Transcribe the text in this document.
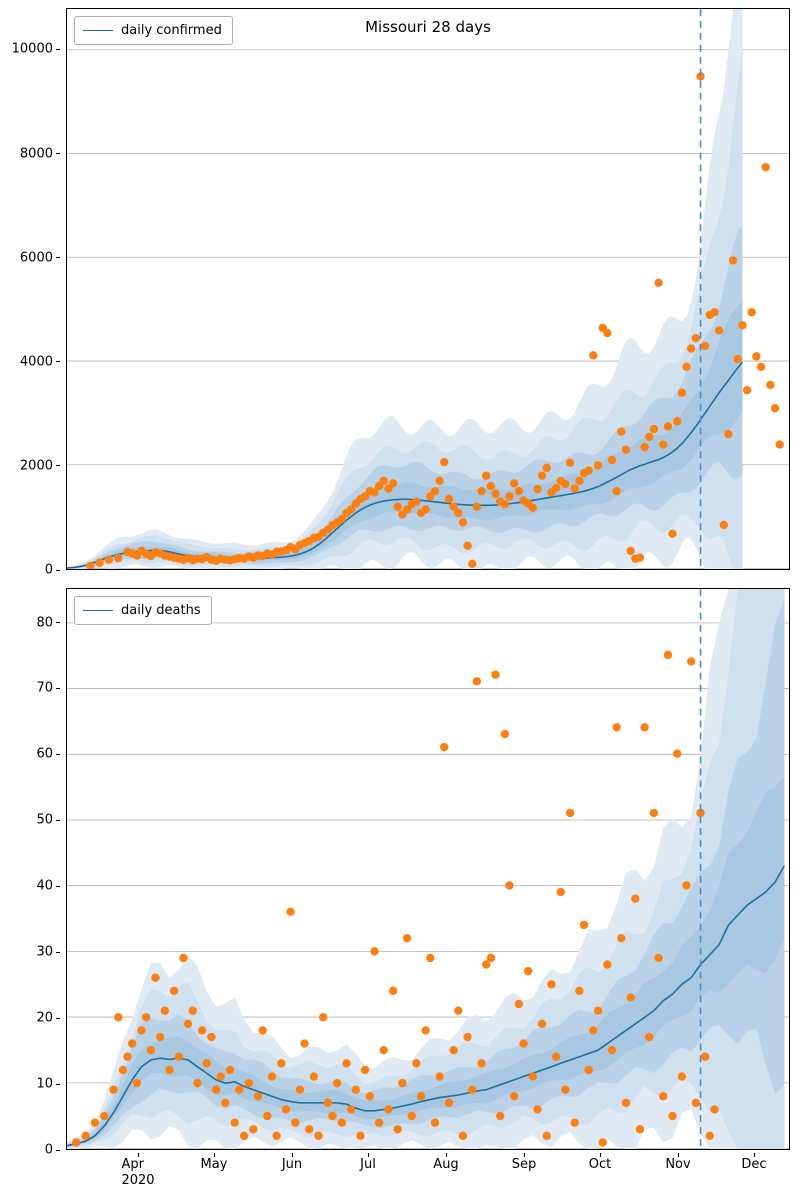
0
2000
4000
6000
8000
10000
Missouri 28 days
daily confirmed
0
10
20
30
40
50
60
70
80
daily deaths
Apr
2020
May	Jun	Jul	Aug	Sep	Oct	Nov	Dec
